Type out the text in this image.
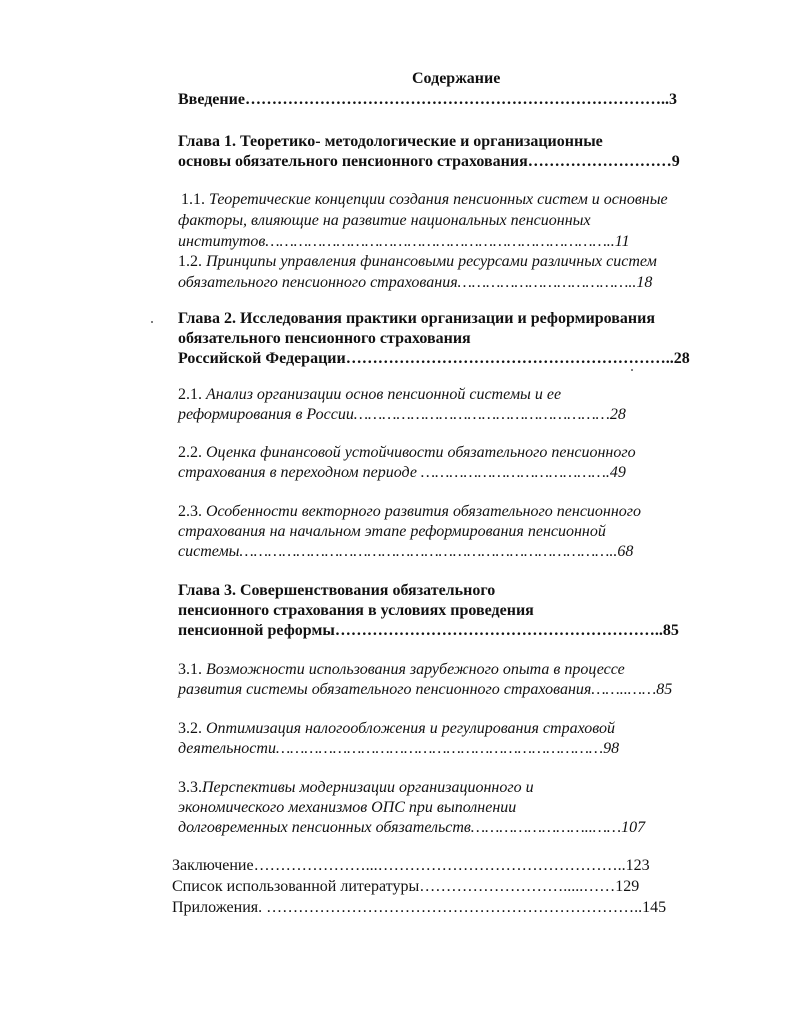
Содержание

Введение……………………………………………………………………..3

Глава 1. Теоретико- методологические и организационные

основы обязательного пенсионного страхования………………………9

1.1. Теоретические концепции создания пенсионных систем и основные

факторы, влияющие на развитие национальных пенсионных

институтов………………………………………………………………..11

1.2. Принципы управления финансовыми ресурсами различных систем

обязательного пенсионного страхования………………………………..18

Глава 2. Исследования практики организации и реформирования

обязательного пенсионного страхования

Российской Федерации……………………………………………………..28

2.1. Анализ организации основ пенсионной системы и ее

реформирования в России………………………………………………28

2.2. Оценка финансовой устойчивости обязательного пенсионного

страхования в переходном периоде ………………………………….49

2.3. Особенности векторного развития обязательного пенсионного

страхования на начальном этапе реформирования пенсионной

системы……………………………………………………………………..68

Глава 3. Совершенствования обязательного

пенсионного страхования в условиях проведения

пенсионной реформы……………………………………………………..85

3.1. Возможности использования зарубежного опыта в процессе

развития системы обязательного пенсионного страхования……..……85

3.2. Оптимизация налогообложения и регулирования страховой

деятельности……………………………………………………………98

3.3.Перспективы модернизации организационного и

экономического механизмов ОПС при выполнении

долговременных пенсионных обязательств……………………..……107

Заключение…………………...………………………………………..123

Список использованной литературы……………………….....……129

Приложения. ……………………………………………………………..145
